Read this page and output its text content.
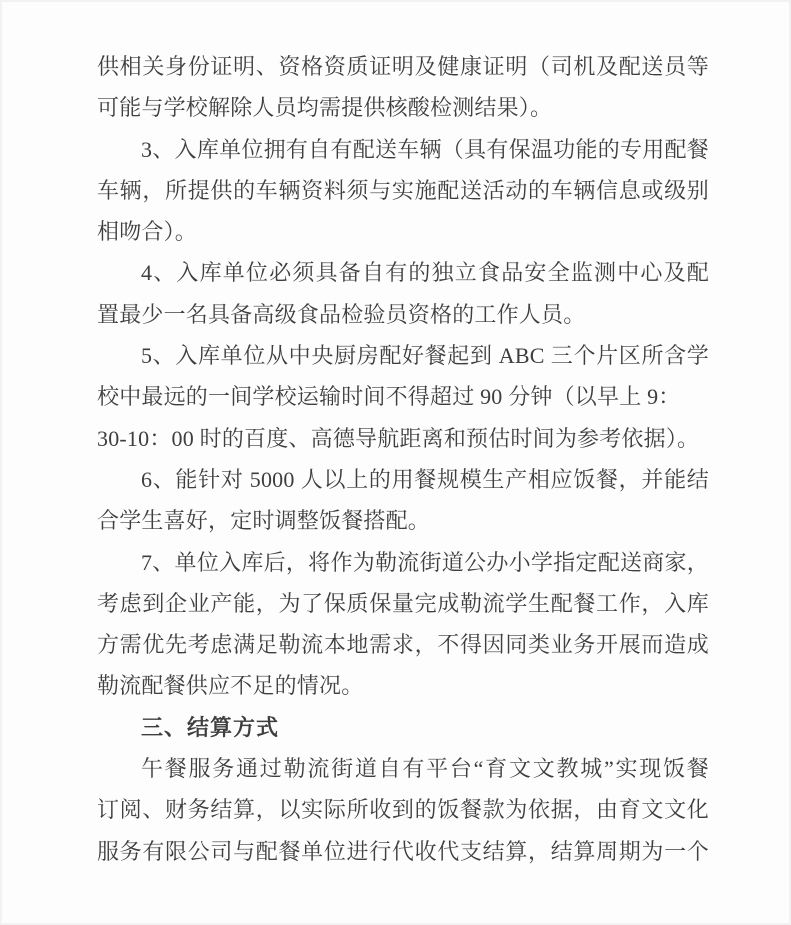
供相关身份证明、资格资质证明及健康证明（司机及配送员等
可能与学校解除人员均需提供核酸检测结果）。
3、入库单位拥有自有配送车辆（具有保温功能的专用配餐
车辆，所提供的车辆资料须与实施配送活动的车辆信息或级别
相吻合）。
4、入库单位必须具备自有的独立食品安全监测中心及配
置最少一名具备高级食品检验员资格的工作人员。
5、入库单位从中央厨房配好餐起到 ABC 三个片区所含学
校中最远的一间学校运输时间不得超过 90 分钟（以早上 9：
30-10：00 时的百度、高德导航距离和预估时间为参考依据）。
6、能针对 5000 人以上的用餐规模生产相应饭餐，并能结
合学生喜好，定时调整饭餐搭配。
7、单位入库后，将作为勒流街道公办小学指定配送商家，
考虑到企业产能，为了保质保量完成勒流学生配餐工作，入库
方需优先考虑满足勒流本地需求，不得因同类业务开展而造成
勒流配餐供应不足的情况。
三、结算方式
午餐服务通过勒流街道自有平台“育文文教城”实现饭餐
订阅、财务结算，以实际所收到的饭餐款为依据，由育文文化
服务有限公司与配餐单位进行代收代支结算，结算周期为一个
